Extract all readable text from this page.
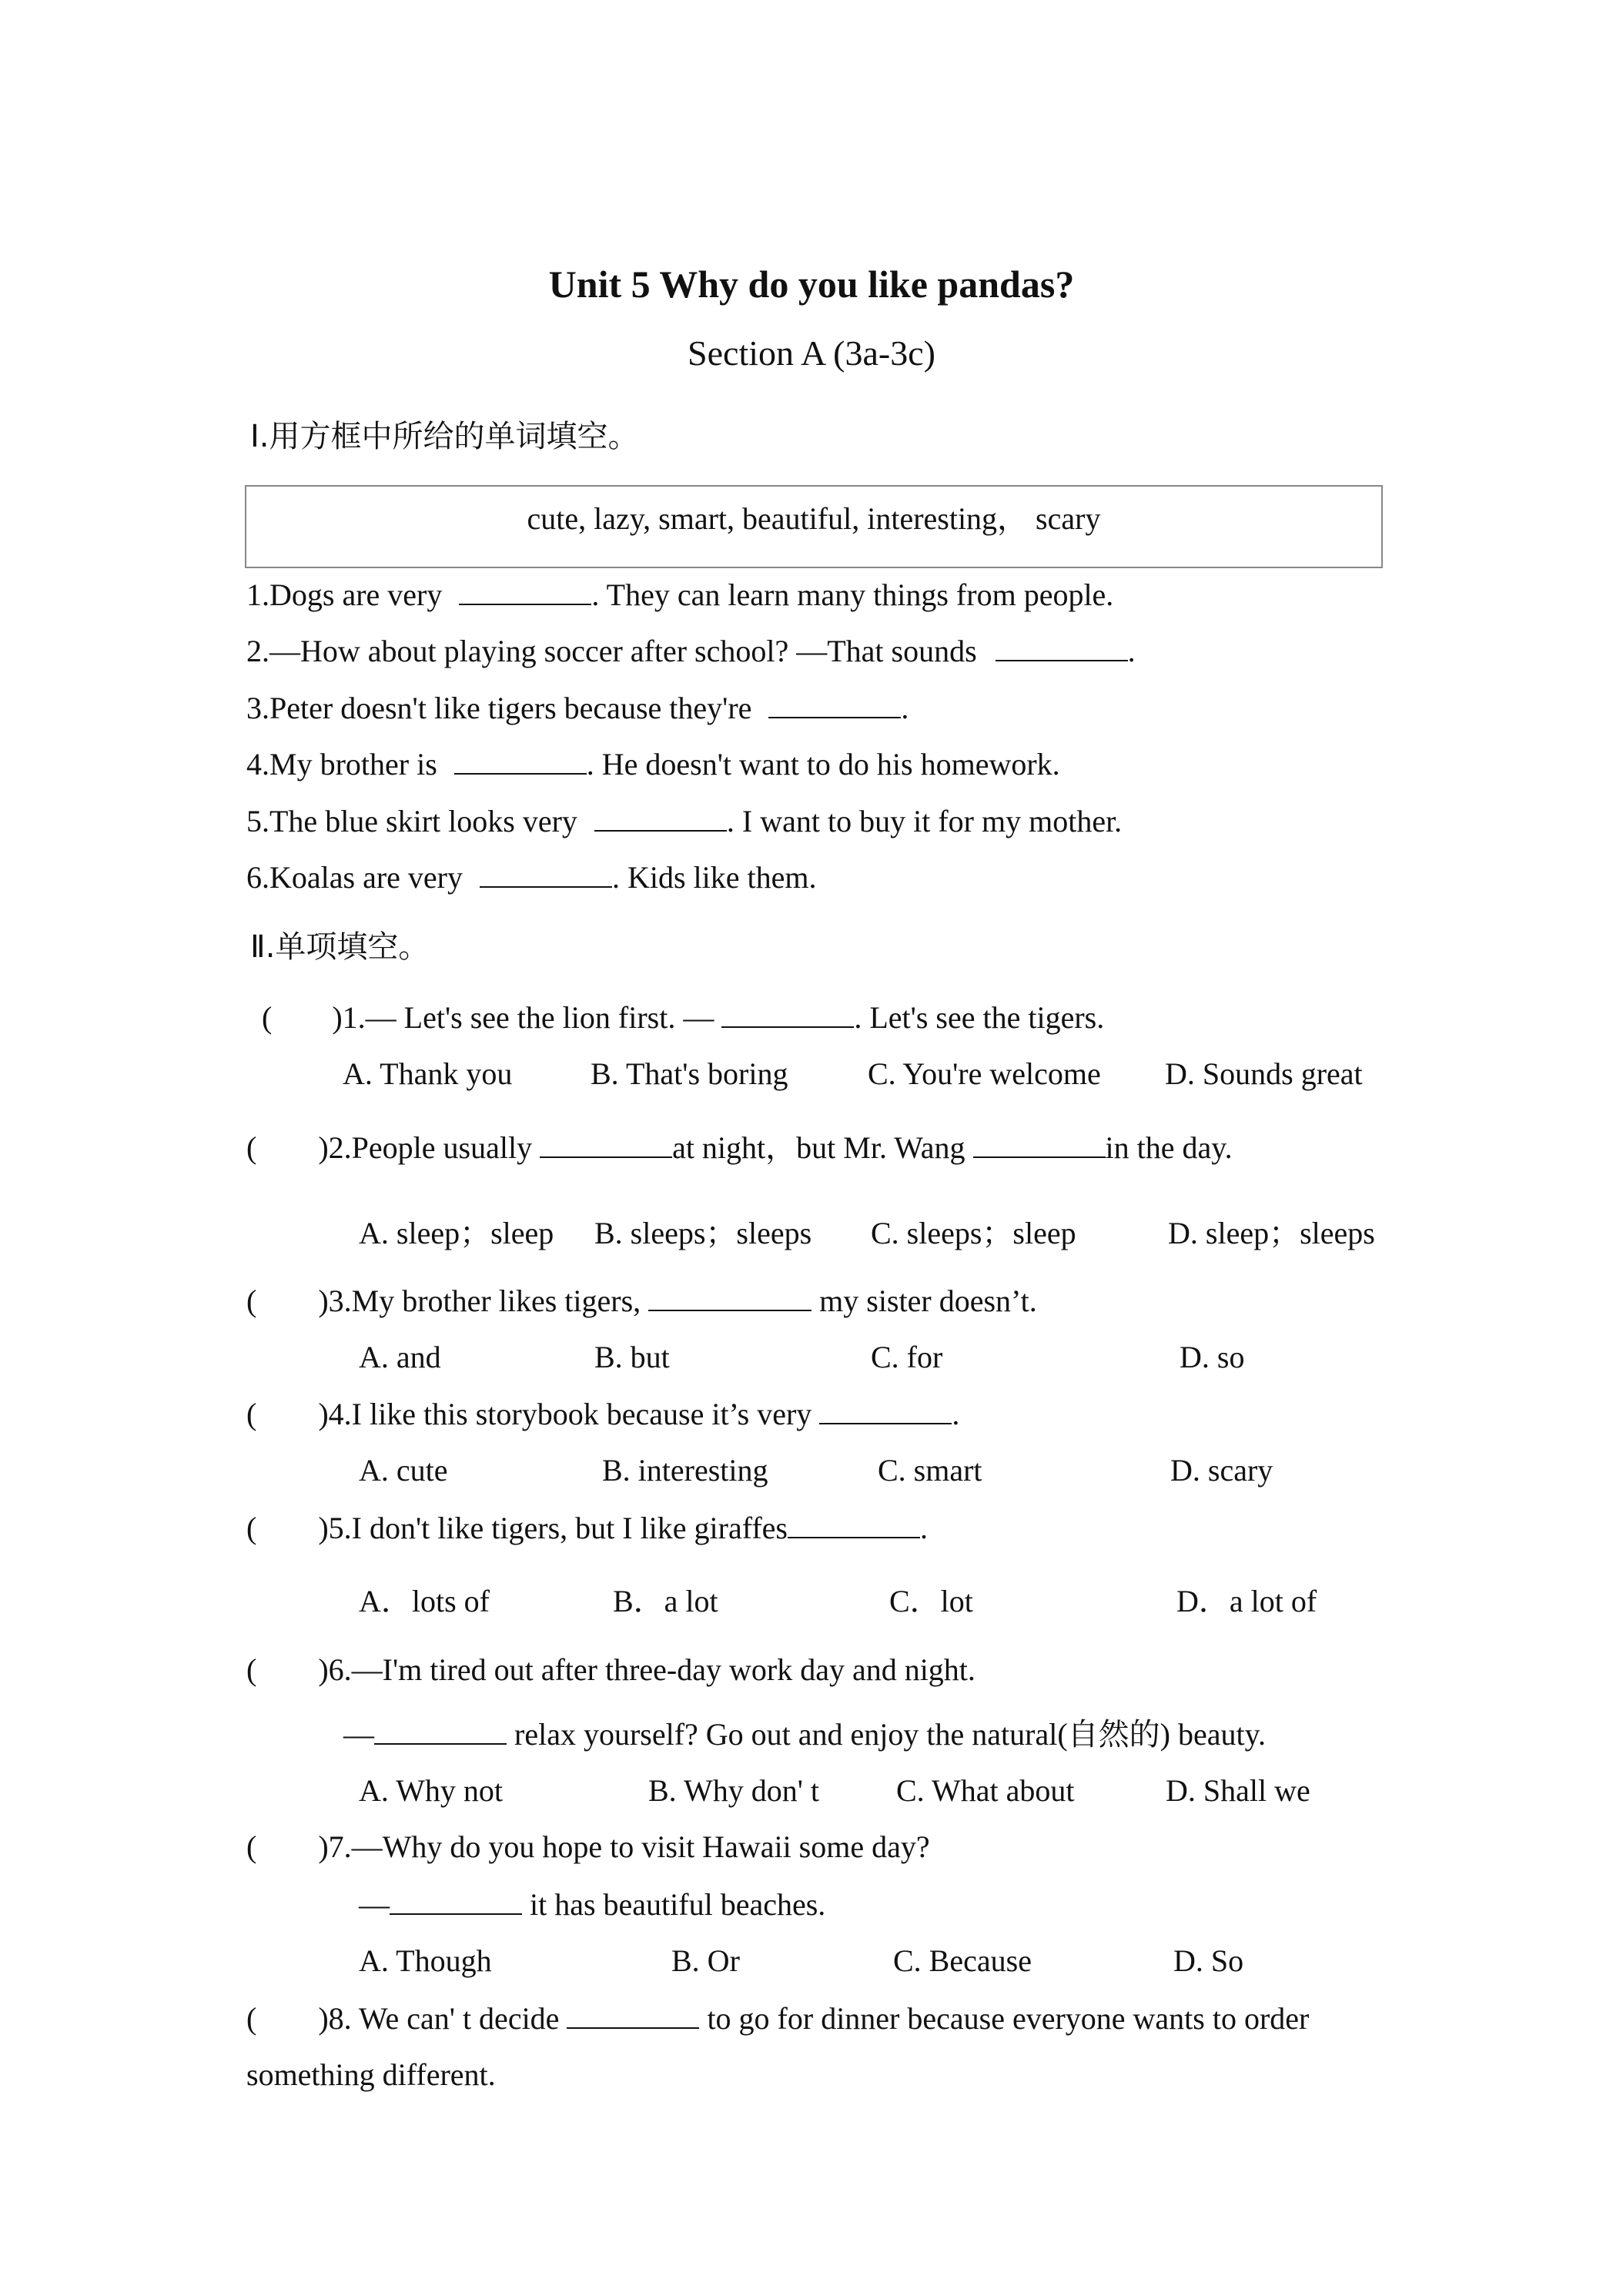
Unit 5 Why do you like pandas?
Section A (3a-3c)
Ⅰ.用方框中所给的单词填空。
cute, lazy, smart, beautiful, interesting， scary
1.Dogs are very	. They can learn many things from people.
2.—How about playing soccer after school? —That sounds	.
3.Peter doesn't like tigers because they're	.
4.My brother is	. He doesn't want to do his homework.
5.The blue skirt looks very	. I want to buy it for my mother.
6.Koalas are very	. Kids like them.
Ⅱ.单项填空。
( )1.— Let's see the lion first. —	. Let's see the tigers.
A. Thank you	B. That's boring	C. You're welcome D. Sounds great
( )2.People usually	at night，but Mr. Wang	in the day.
A. sleep；sleep B. sleeps；sleeps C. sleeps；sleep	D. sleep；sleeps
( )3.My brother likes tigers,	my sister doesn’t.
A. and	B. but	C. for	D. so
( )4.I like this storybook because it’s very	.
A. cute	B. interesting	C. smart	D. scary
( )5.I don't like tigers, but I like giraffes	.
A．lots of	B．a lot	C．lot	D．a lot of
( )6.—I'm tired out after three-day work day and night.
—	relax yourself? Go out and enjoy the natural(自然的) beauty.
A. Why not	B. Why don' t C. What about	D. Shall we
( )7.—Why do you hope to visit Hawaii some day?
—	it has beautiful beaches.
A. Though	B. Or	C. Because	D. So
( )8. We can' t decide	to go for dinner because everyone wants to order
something different.
